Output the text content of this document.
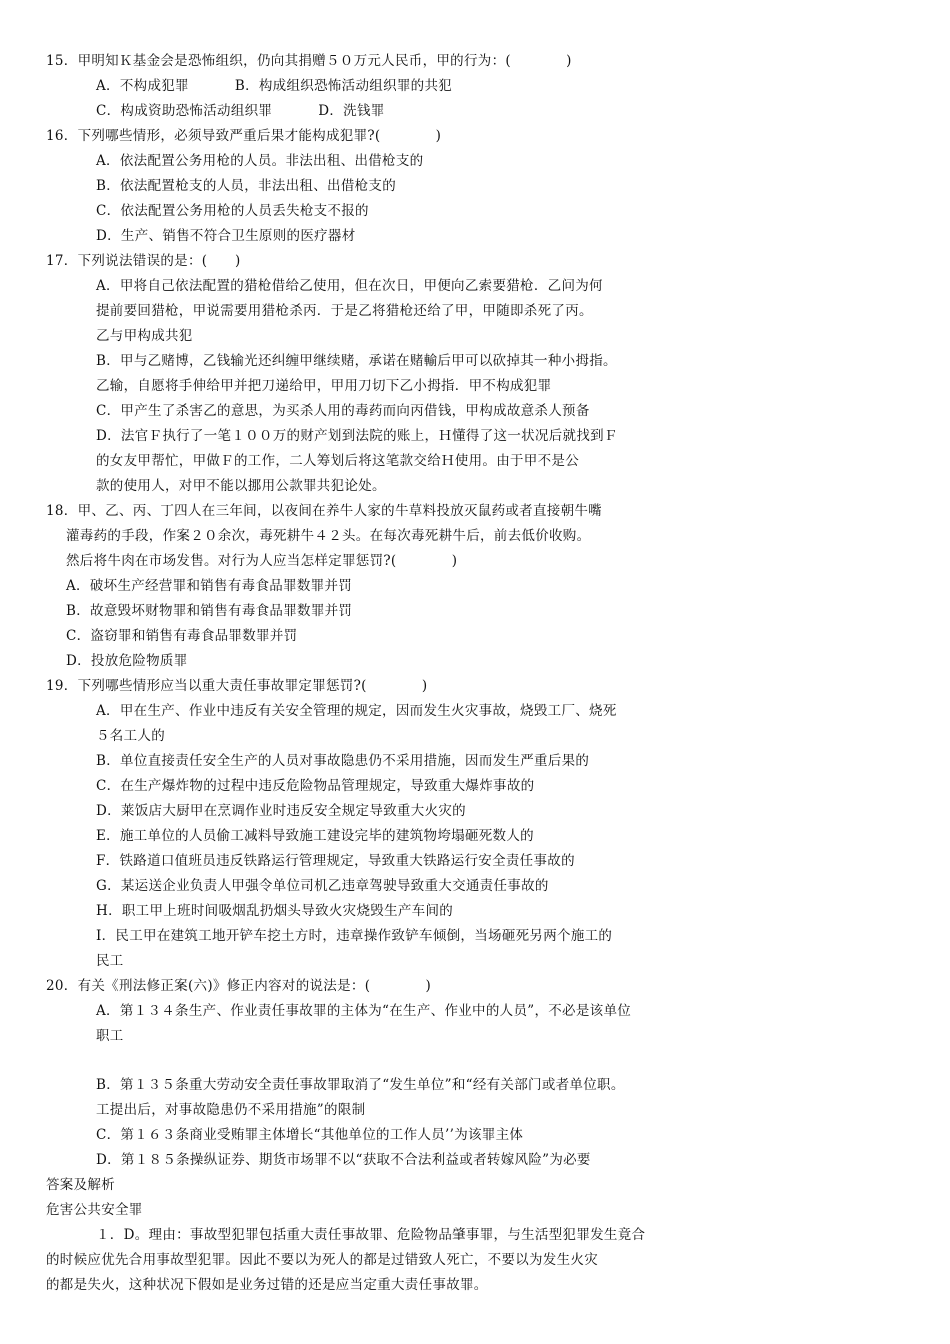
15．甲明知Ｋ基金会是恐怖组织，仍向其捐赠５０万元人民币，甲的行为：(　　　　)
A．不构成犯罪	B．构成组织恐怖活动组织罪的共犯
C．构成资助恐怖活动组织罪	D．洗钱罪
16．下列哪些情形，必须导致严重后果才能构成犯罪?(　　　　)
A．依法配置公务用枪的人员。非法出租、出借枪支的
B．依法配置枪支的人员，非法出租、出借枪支的
C．依法配置公务用枪的人员丢失枪支不报的
D．生产、销售不符合卫生原则的医疗器材
17．下列说法错误的是：(　　)
A．甲将自己依法配置的猎枪借给乙使用，但在次日，甲便向乙索要猎枪．乙问为何
提前要回猎枪，甲说需要用猎枪杀丙．于是乙将猎枪还给了甲，甲随即杀死了丙。
乙与甲构成共犯
B．甲与乙赌博，乙钱输光还纠缠甲继续赌，承诺在赌輸后甲可以砍掉其一种小拇指。
乙输，自愿将手伸给甲并把刀递给甲，甲用刀切下乙小拇指．甲不构成犯罪
C．甲产生了杀害乙的意思，为买杀人用的毒药而向丙借钱，甲构成故意杀人预备
D．法官Ｆ执行了一笔１００万的财产划到法院的账上，Ｈ懂得了这一状况后就找到Ｆ
的女友甲帮忙，甲做Ｆ的工作，二人筹划后将这笔款交给Ｈ使用。由于甲不是公
款的使用人，对甲不能以挪用公款罪共犯论处。
18．甲、乙、丙、丁四人在三年间，以夜间在养牛人家的牛草料投放灭鼠药或者直接朝牛嘴
灌毒药的手段，作案２０余次，毒死耕牛４２头。在每次毒死耕牛后，前去低价收购。
然后将牛肉在市场发售。对行为人应当怎样定罪惩罚?(　　　　)
A．破坏生产经营罪和销售有毒食品罪数罪并罚
B．故意毁坏财物罪和销售有毒食品罪数罪并罚
C．盗窃罪和销售有毒食品罪数罪并罚
D．投放危险物质罪
19．下列哪些情形应当以重大责任事故罪定罪惩罚?(　　　　)
A．甲在生产、作业中违反有关安全管理的规定，因而发生火灾事故，烧毁工厂、烧死
５名工人的
B．单位直接责任安全生产的人员对事故隐患仍不采用措施，因而发生严重后果的
C．在生产爆炸物的过程中违反危险物品管理规定，导致重大爆炸事故的
D．莱饭店大厨甲在烹调作业时违反安全规定导致重大火灾的
E．施工单位的人员偷工减料导致施工建设完毕的建筑物垮塌砸死数人的
F．铁路道口值班员违反铁路运行管理规定，导致重大铁路运行安全责任事故的
G．某运送企业负责人甲强令单位司机乙违章驾驶导致重大交通责任事故的
H．职工甲上班时间吸烟乱扔烟头导致火灾烧毁生产车间的
I．民工甲在建筑工地开铲车挖土方时，违章操作致铲车倾倒，当场砸死另两个施工的
民工
20．有关《刑法修正案(六)》修正内容对的说法是：(　　　　)
A．第１３４条生产、作业责任事故罪的主体为“在生产、作业中的人员”，不必是该单位
职工
B．第１３５条重大劳动安全责任事故罪取消了“发生单位”和“经有关部门或者单位职。
工提出后，对事故隐患仍不采用措施”的限制
C．第１６３条商业受贿罪主体增长“其他单位的工作人员’’为该罪主体
D．第１８５条操纵证券、期货市场罪不以“获取不合法利益或者转嫁风险”为必要
答案及解析
危害公共安全罪
１．D。理由：事故型犯罪包括重大责任事故罪、危险物品肇事罪，与生活型犯罪发生竟合
的时候应优先合用事故型犯罪。因此不要以为死人的都是过错致人死亡，不要以为发生火灾
的都是失火，这种状况下假如是业务过错的还是应当定重大责任事故罪。
